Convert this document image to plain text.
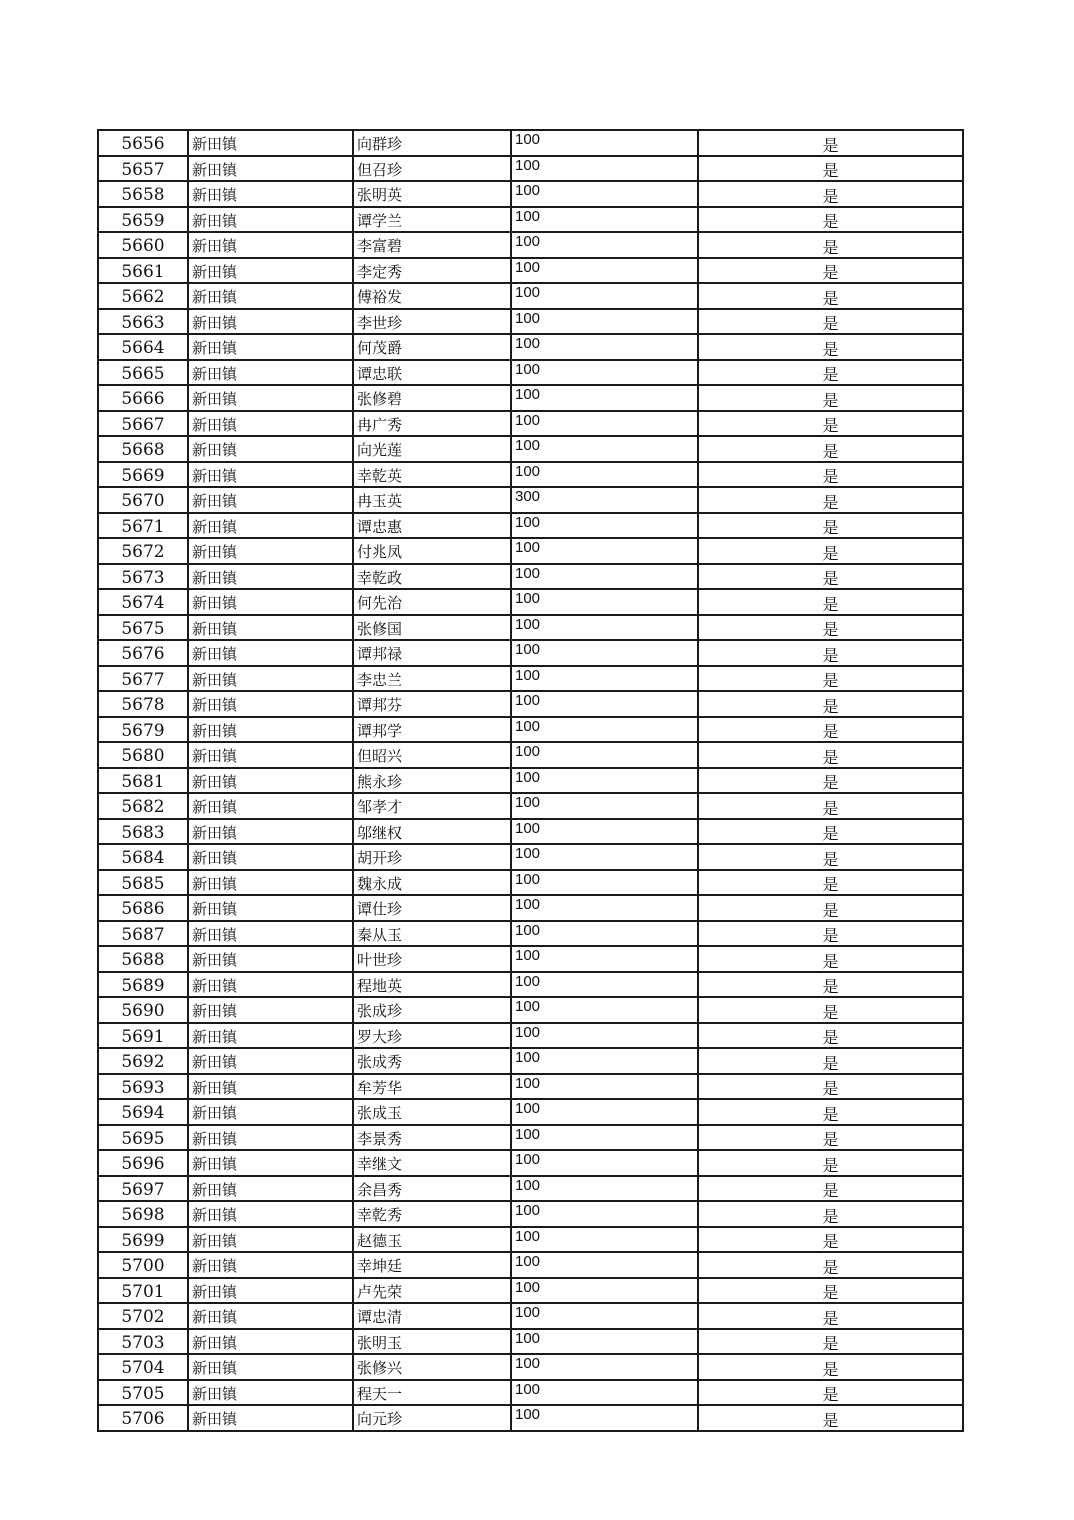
5656	新田镇	向群珍	100	是
5657	新田镇	但召珍	100	是
5658	新田镇	张明英	100	是
5659	新田镇	谭学兰	100	是
5660	新田镇	李富碧	100	是
5661	新田镇	李定秀	100	是
5662	新田镇	傅裕发	100	是
5663	新田镇	李世珍	100	是
5664	新田镇	何茂爵	100	是
5665	新田镇	谭忠联	100	是
5666	新田镇	张修碧	100	是
5667	新田镇	冉广秀	100	是
5668	新田镇	向光莲	100	是
5669	新田镇	幸乾英	100	是
5670	新田镇	冉玉英	300	是
5671	新田镇	谭忠惠	100	是
5672	新田镇	付兆凤	100	是
5673	新田镇	幸乾政	100	是
5674	新田镇	何先治	100	是
5675	新田镇	张修国	100	是
5676	新田镇	谭邦禄	100	是
5677	新田镇	李忠兰	100	是
5678	新田镇	谭邦芬	100	是
5679	新田镇	谭邦学	100	是
5680	新田镇	但昭兴	100	是
5681	新田镇	熊永珍	100	是
5682	新田镇	邹孝才	100	是
5683	新田镇	邬继权	100	是
5684	新田镇	胡开珍	100	是
5685	新田镇	魏永成	100	是
5686	新田镇	谭仕珍	100	是
5687	新田镇	秦从玉	100	是
5688	新田镇	叶世珍	100	是
5689	新田镇	程地英	100	是
5690	新田镇	张成珍	100	是
5691	新田镇	罗大珍	100	是
5692	新田镇	张成秀	100	是
5693	新田镇	牟芳华	100	是
5694	新田镇	张成玉	100	是
5695	新田镇	李景秀	100	是
5696	新田镇	幸继文	100	是
5697	新田镇	余昌秀	100	是
5698	新田镇	幸乾秀	100	是
5699	新田镇	赵德玉	100	是
5700	新田镇	幸坤廷	100	是
5701	新田镇	卢先荣	100	是
5702	新田镇	谭忠清	100	是
5703	新田镇	张明玉	100	是
5704	新田镇	张修兴	100	是
5705	新田镇	程天一	100	是
5706	新田镇	向元珍	100	是
